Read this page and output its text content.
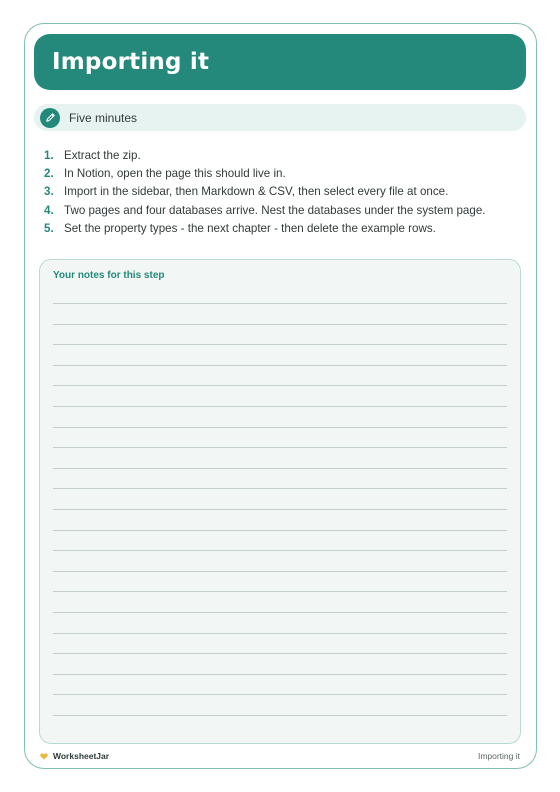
Importing it
Five minutes
1. Extract the zip.
2. In Notion, open the page this should live in.
3. Import in the sidebar, then Markdown & CSV, then select every file at once.
4. Two pages and four databases arrive. Nest the databases under the system page.
5. Set the property types - the next chapter - then delete the example rows.
Your notes for this step
WorksheetJar	Importing it
